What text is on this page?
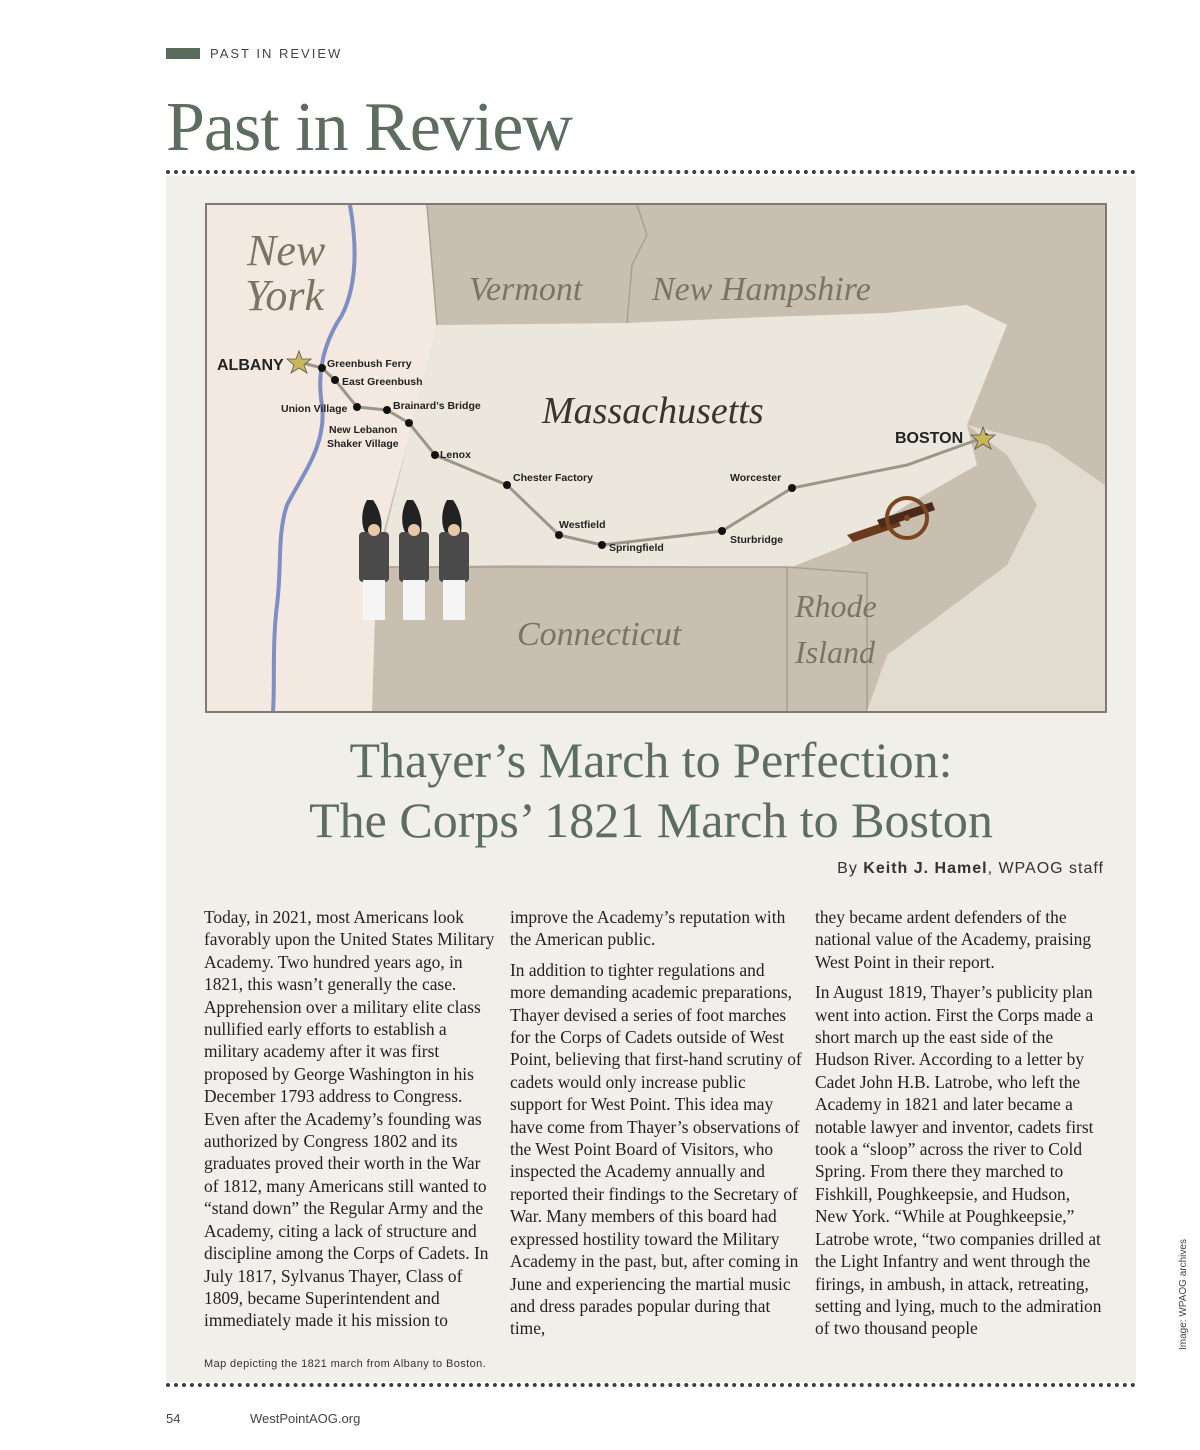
PAST IN REVIEW
Past in Review
New
York	Vermont New Hampshire
Massachusetts
Connecticut
Rhode
Island
ALBANY
BOSTON
Greenbush Ferry
East Greenbush
Union Village	Brainard’s Bridge
New Lebanon
Shaker Village
Lenox
Chester Factory
Westfield
Springfield
Sturbridge
Worcester
Thayer’s March to Perfection:
The Corps’ 1821 March to Boston
By Keith J. Hamel, WPAOG staff

Today, in 2021, most Americans look favorably upon the United States Military Academy. Two hundred years ago, in 1821, this wasn’t generally the case. Apprehension over a military elite class nullified early efforts to establish a military academy after it was first proposed by George Washington in his December 1793 address to Congress. Even after the Academy’s founding was authorized by Congress 1802 and its graduates proved their worth in the War of 1812, many Americans still wanted to “stand down” the Regular Army and the Academy, citing a lack of structure and discipline among the Corps of Cadets. In July 1817, Sylvanus Thayer, Class of 1809, became Superintendent and immediately made it his mission to

improve the Academy’s reputation with the American public.

In addition to tighter regulations and more demanding academic preparations, Thayer devised a series of foot marches for the Corps of Cadets outside of West Point, believing that first-hand scrutiny of cadets would only increase public support for West Point. This idea may have come from Thayer’s observations of the West Point Board of Visitors, who inspected the Academy annually and reported their findings to the Secretary of War. Many members of this board had expressed hostility toward the Military Academy in the past, but, after coming in June and experiencing the martial music and dress parades popular during that time,

they became ardent defenders of the national value of the Academy, praising West Point in their report.

In August 1819, Thayer’s publicity plan went into action. First the Corps made a short march up the east side of the Hudson River. According to a letter by Cadet John H.B. Latrobe, who left the Academy in 1821 and later became a notable lawyer and inventor, cadets first took a “sloop” across the river to Cold Spring. From there they marched to Fishkill, Poughkeepsie, and Hudson, New York. “While at Poughkeepsie,” Latrobe wrote, “two companies drilled at the Light Infantry and went through the firings, in ambush, in attack, retreating, setting and lying, much to the admiration of two thousand people

Map depicting the 1821 march from Albany to Boston.
Image: WPAOG archives
54	WestPointAOG.org
